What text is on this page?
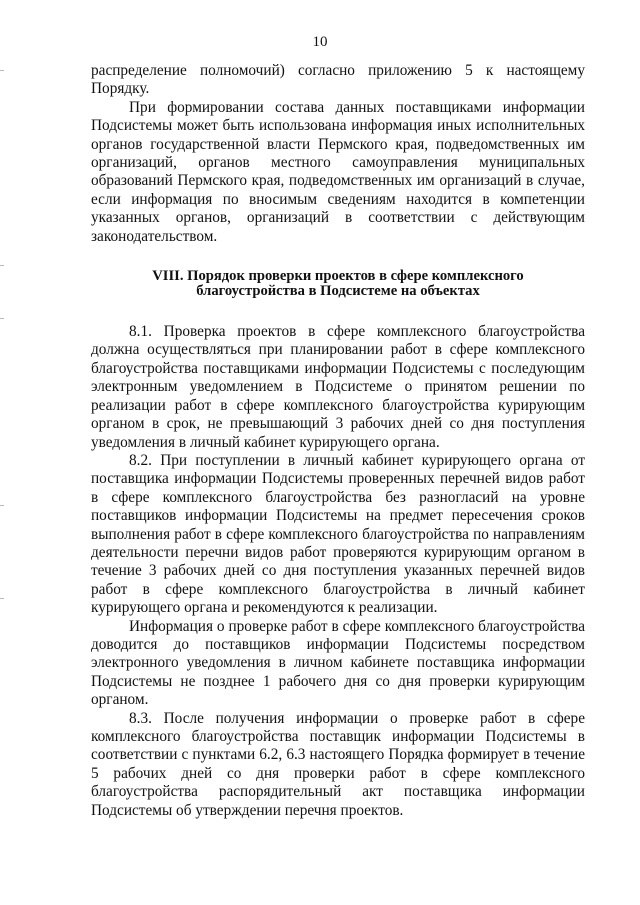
10

распределение полномочий) согласно приложению 5 к настоящему Порядку.

При формировании состава данных поставщиками информации Подсистемы может быть использована информация иных исполнительных органов государственной власти Пермского края, подведомственных им организаций, органов местного самоуправления муниципальных образований Пермского края, подведомственных им организаций в случае, если информация по вносимым сведениям находится в компетенции указанных органов, организаций в соответствии с действующим законодательством.

VIII. Порядок проверки проектов в сфере комплексного
благоустройства в Подсистеме на объектах

8.1. Проверка проектов в сфере комплексного благоустройства должна осуществляться при планировании работ в сфере комплексного благоустройства поставщиками информации Подсистемы с последующим электронным уведомлением в Подсистеме о принятом решении по реализации работ в сфере комплексного благоустройства курирующим органом в срок, не превышающий 3 рабочих дней со дня поступления уведомления в личный кабинет курирующего органа.

8.2. При поступлении в личный кабинет курирующего органа от поставщика информации Подсистемы проверенных перечней видов работ в сфере комплексного благоустройства без разногласий на уровне поставщиков информации Подсистемы на предмет пересечения сроков выполнения работ в сфере комплексного благоустройства по направлениям деятельности перечни видов работ проверяются курирующим органом в течение 3 рабочих дней со дня поступления указанных перечней видов работ в сфере комплексного благоустройства в личный кабинет курирующего органа и рекомендуются к реализации.

Информация о проверке работ в сфере комплексного благоустройства доводится до поставщиков информации Подсистемы посредством электронного уведомления в личном кабинете поставщика информации Подсистемы не позднее 1 рабочего дня со дня проверки курирующим органом.

8.3. После получения информации о проверке работ в сфере комплексного благоустройства поставщик информации Подсистемы в соответствии с пунктами 6.2, 6.3 настоящего Порядка формирует в течение 5 рабочих дней со дня проверки работ в сфере комплексного благоустройства распорядительный акт поставщика информации Подсистемы об утверждении перечня проектов.
